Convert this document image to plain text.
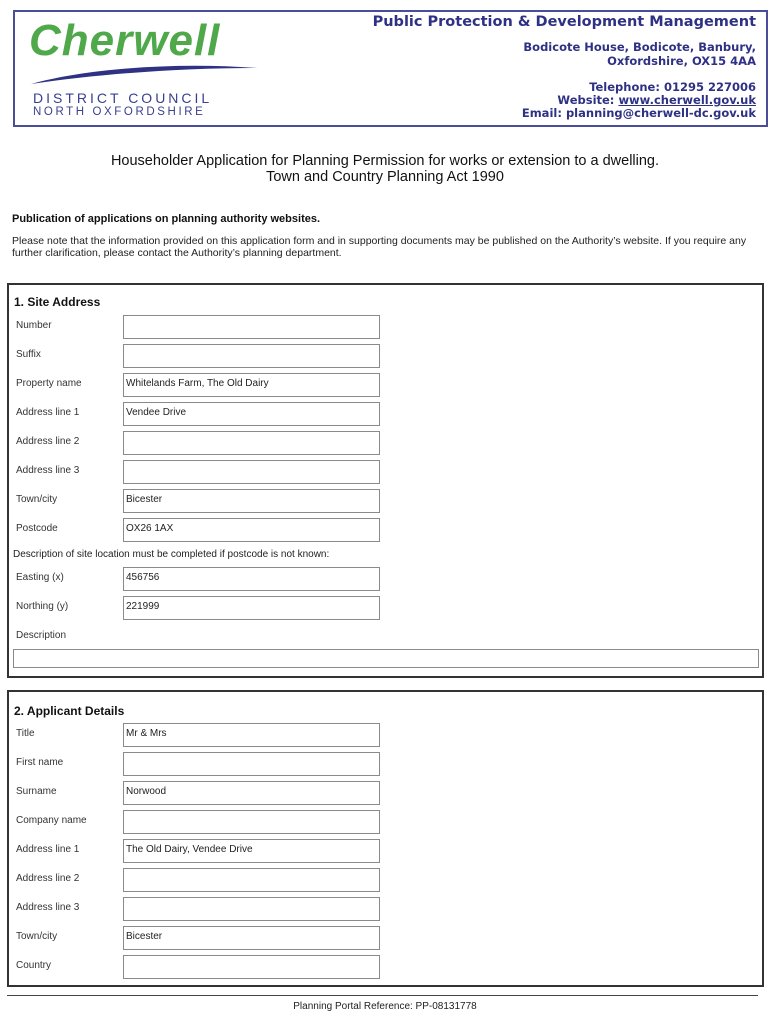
Cherwell
DISTRICT COUNCIL
NORTH OXFORDSHIRE
Public Protection & Development Management
Bodicote House, Bodicote, Banbury,
Oxfordshire, OX15 4AA
Telephone: 01295 227006
Website: www.cherwell.gov.uk
Email: planning@cherwell-dc.gov.uk
Householder Application for Planning Permission for works or extension to a dwelling.
Town and Country Planning Act 1990
Publication of applications on planning authority websites.
Please note that the information provided on this application form and in supporting documents may be published on the Authority’s website. If you require any further clarification, please contact the Authority’s planning department.
1. Site Address
Number
Suffix
Property name	Whitelands Farm, The Old Dairy
Address line 1	Vendee Drive
Address line 2
Address line 3
Town/city	Bicester
Postcode	OX26 1AX
Description of site location must be completed if postcode is not known:
Easting (x)	456756
Northing (y)	221999
Description
2. Applicant Details
Title	Mr & Mrs
First name
Surname	Norwood
Company name
Address line 1	The Old Dairy, Vendee Drive
Address line 2
Address line 3
Town/city	Bicester
Country
Planning Portal Reference: PP-08131778
